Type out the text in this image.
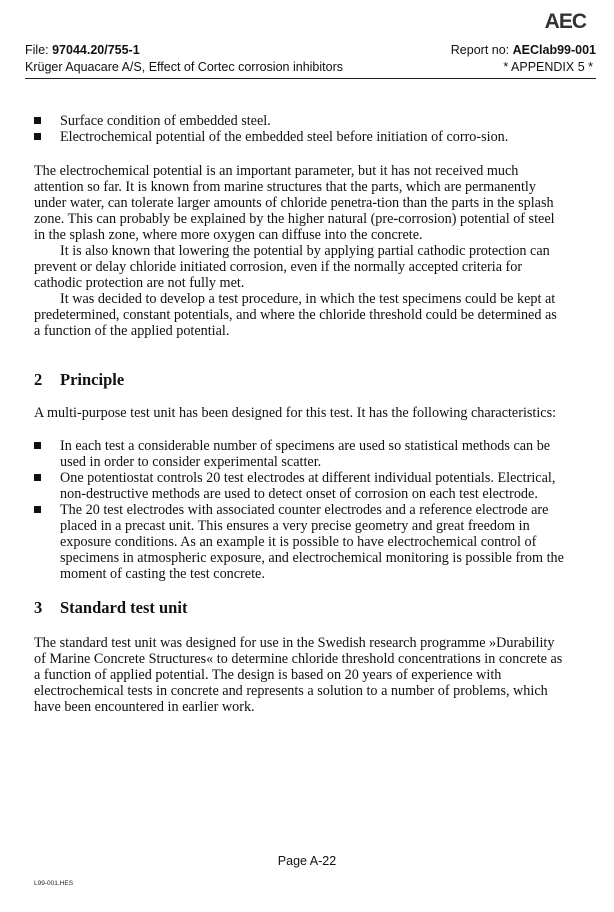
AEC
File: 97044.20/755-1	Report no: AEClab99-001
Krüger Aquacare A/S, Effect of Cortec corrosion inhibitors	* APPENDIX 5 *
Surface condition of embedded steel.
Electrochemical potential of the embedded steel before initiation of corro-sion.

The electrochemical potential is an important parameter, but it has not received much attention so far. It is known from marine structures that the parts, which are permanently under water, can tolerate larger amounts of chloride penetra-tion than the parts in the splash zone. This can probably be explained by the higher natural (pre-corrosion) potential of steel in the splash zone, where more oxygen can diffuse into the concrete.

It is also known that lowering the potential by applying partial cathodic protection can prevent or delay chloride initiated corrosion, even if the normally accepted criteria for cathodic protection are not fully met.

It was decided to develop a test procedure, in which the test specimens could be kept at predetermined, constant potentials, and where the chloride threshold could be determined as a function of the applied potential.

2 Principle

A multi-purpose test unit has been designed for this test. It has the following characteristics:

In each test a considerable number of specimens are used so statistical methods can be used in order to consider experimental scatter.
One potentiostat controls 20 test electrodes at different individual potentials. Electrical, non-destructive methods are used to detect onset of corrosion on each test electrode.
The 20 test electrodes with associated counter electrodes and a reference electrode are placed in a precast unit. This ensures a very precise geometry and great freedom in exposure conditions. As an example it is possible to have electrochemical control of specimens in atmospheric exposure, and electrochemical monitoring is possible from the moment of casting the test concrete.
3 Standard test unit

The standard test unit was designed for use in the Swedish research programme »Durability of Marine Concrete Structures« to determine chloride threshold concentrations in concrete as a function of applied potential. The design is based on 20 years of experience with electrochemical tests in concrete and represents a solution to a number of problems, which have been encountered in earlier work.

Page A-22
L99-001.HES
